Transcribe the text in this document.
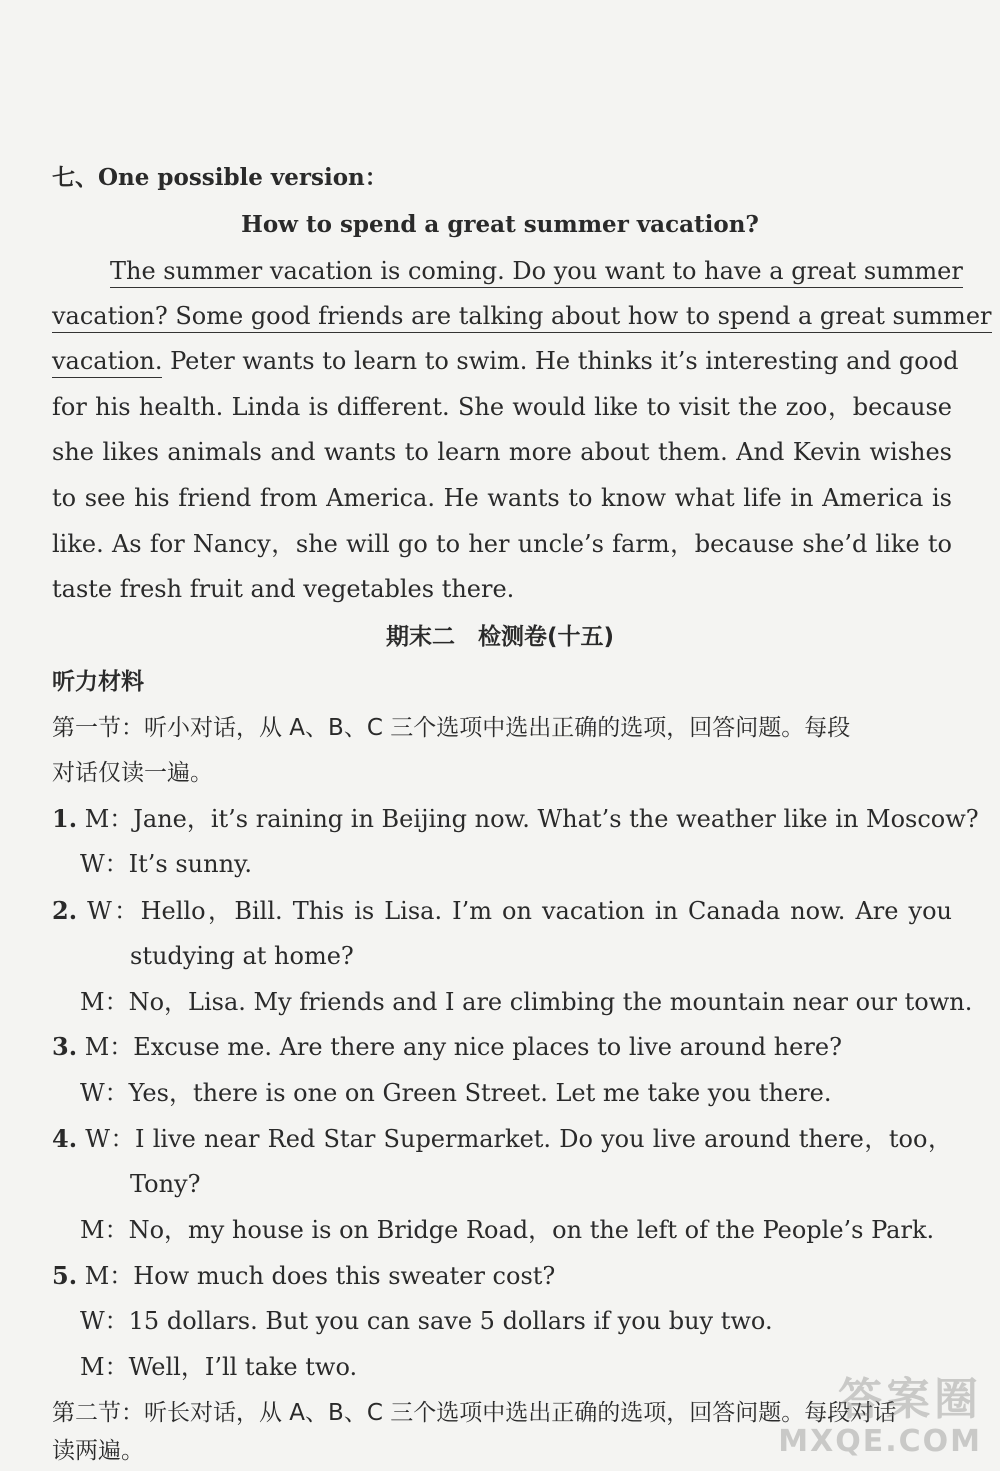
七、One possible version：
How to spend a great summer vacation?
The summer vacation is coming. Do you want to have a great summer
vacation? Some good friends are talking about how to spend a great summer
vacation. Peter wants to learn to swim. He thinks it’s interesting and good
for his health. Linda is different. She would like to visit the zoo，because
she likes animals and wants to learn more about them. And Kevin wishes
to see his friend from America. He wants to know what life in America is
like. As for Nancy，she will go to her uncle’s farm，because she’d like to
taste fresh fruit and vegetables there.
期末二　检测卷(十五)
听力材料
第一节：听小对话，从 A、B、C 三个选项中选出正确的选项，回答问题。每段
对话仅读一遍。
1. M：Jane，it’s raining in Beijing now. What’s the weather like in Moscow?
W：It’s sunny.
2. W：Hello，Bill. This is Lisa. I’m on vacation in Canada now. Are you
studying at home?
M：No，Lisa. My friends and I are climbing the mountain near our town.
3. M：Excuse me. Are there any nice places to live around here?
W：Yes，there is one on Green Street. Let me take you there.
4. W：I live near Red Star Supermarket. Do you live around there，too，
Tony?
M：No，my house is on Bridge Road，on the left of the People’s Park.
5. M：How much does this sweater cost?
W：15 dollars. But you can save 5 dollars if you buy two.
M：Well，I’ll take two.
第二节：听长对话，从 A、B、C 三个选项中选出正确的选项，回答问题。每段对话
读两遍。
答案圈
MXQE.COM
